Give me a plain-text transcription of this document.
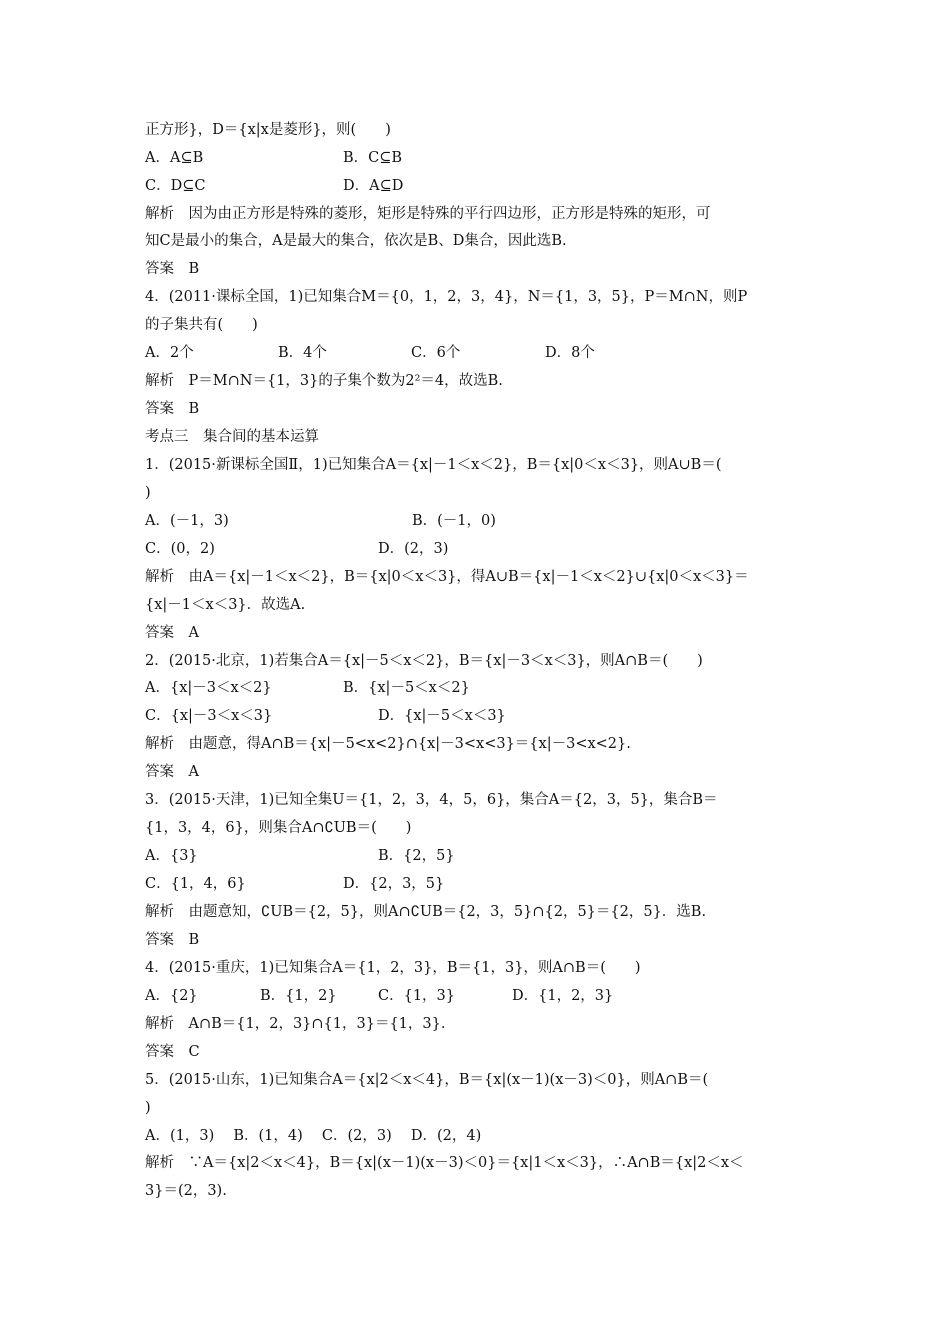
正方形}，D＝{x|x是菱形}，则(　　)
A．A⊆B	B．C⊆B
C．D⊆C	D．A⊆D
解析　因为由正方形是特殊的菱形，矩形是特殊的平行四边形，正方形是特殊的矩形，可
知C是最小的集合，A是最大的集合，依次是B、D集合，因此选B.
答案　B
4．(2011·课标全国，1)已知集合M＝{0，1，2，3，4}，N＝{1，3，5}，P＝M∩N，则P
的子集共有(　　)
A．2个	B．4个	C．6个	D．8个
解析　P＝M∩N＝{1，3}的子集个数为2²＝4，故选B.
答案　B
考点三　集合间的基本运算
1．(2015·新课标全国Ⅱ，1)已知集合A＝{x|－1＜x＜2}，B＝{x|0＜x＜3}，则A∪B＝(
)
A．(－1，3)	B．(－1，0)
C．(0，2)	D．(2，3)
解析　由A＝{x|－1＜x＜2}，B＝{x|0＜x＜3}，得A∪B＝{x|－1＜x＜2}∪{x|0＜x＜3}＝
{x|－1＜x＜3}．故选A.
答案　A
2．(2015·北京，1)若集合A＝{x|－5＜x＜2}，B＝{x|－3＜x＜3}，则A∩B＝(　　)
A．{x|－3＜x＜2}	B．{x|－5＜x＜2}
C．{x|－3＜x＜3}	D．{x|－5＜x＜3}
解析　由题意，得A∩B＝{x|－5<x<2}∩{x|－3<x<3}＝{x|－3<x<2}.
答案　A
3．(2015·天津，1)已知全集U＝{1，2，3，4，5，6}，集合A＝{2，3，5}，集合B＝
{1，3，4，6}，则集合A∩∁UB＝(　　)
A．{3}	B．{2，5}
C．{1，4，6}	D．{2，3，5}
解析　由题意知，∁UB＝{2，5}，则A∩∁UB＝{2，3，5}∩{2，5}＝{2，5}．选B.
答案　B
4．(2015·重庆，1)已知集合A＝{1，2，3}，B＝{1，3}，则A∩B＝(　　)
A．{2}	B．{1，2}	C．{1，3}	D．{1，2，3}
解析　A∩B＝{1，2，3}∩{1，3}＝{1，3}.
答案　C
5．(2015·山东，1)已知集合A＝{x|2＜x＜4}，B＝{x|(x－1)(x－3)＜0}，则A∩B＝(
)
A．(1，3)　 B．(1，4)　 C．(2，3)　 D．(2，4)
解析　∵A＝{x|2＜x＜4}，B＝{x|(x－1)(x－3)＜0}＝{x|1＜x＜3}，∴A∩B＝{x|2＜x＜
3}＝(2，3).
